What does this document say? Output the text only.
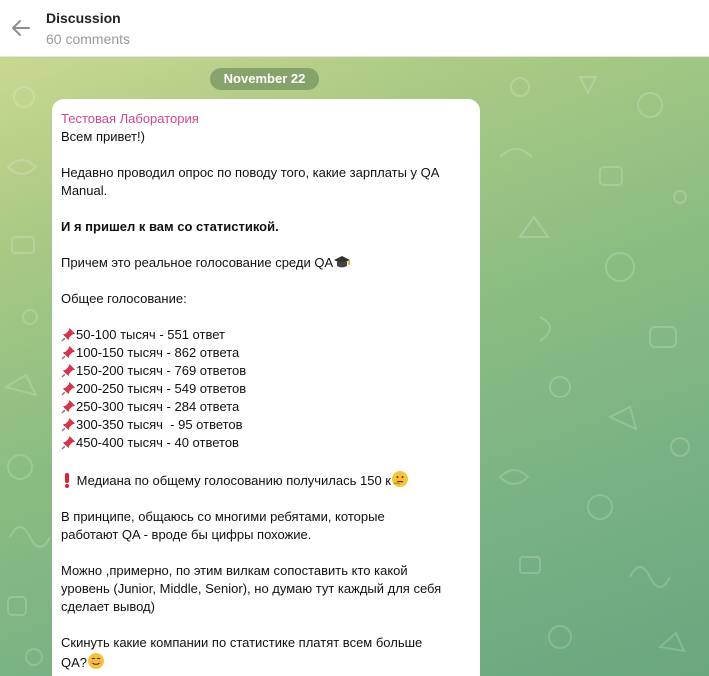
Discussion
60 comments
November 22
Тестовая Лаборатория
Всем привет!)
Недавно проводил опрос по поводу того, какие зарплаты у QA
Manual.
И я пришел к вам со статистикой.
Причем это реальное голосование среди QA
Общее голосование:
50-100 тысяч - 551 ответ
100-150 тысяч - 862 ответа
150-200 тысяч - 769 ответов
200-250 тысяч - 549 ответов
250-300 тысяч - 284 ответа
300-350 тысяч  - 95 ответов
450-400 тысяч - 40 ответов
Медиана по общему голосованию получилась 150 к
В принципе, общаюсь со многими ребятами, которые
работают QA - вроде бы цифры похожие.
Можно ,примерно, по этим вилкам сопоставить кто какой
уровень (Junior, Middle, Senior), но думаю тут каждый для себя
сделает вывод)
Скинуть какие компании по статистике платят всем больше
QA?
